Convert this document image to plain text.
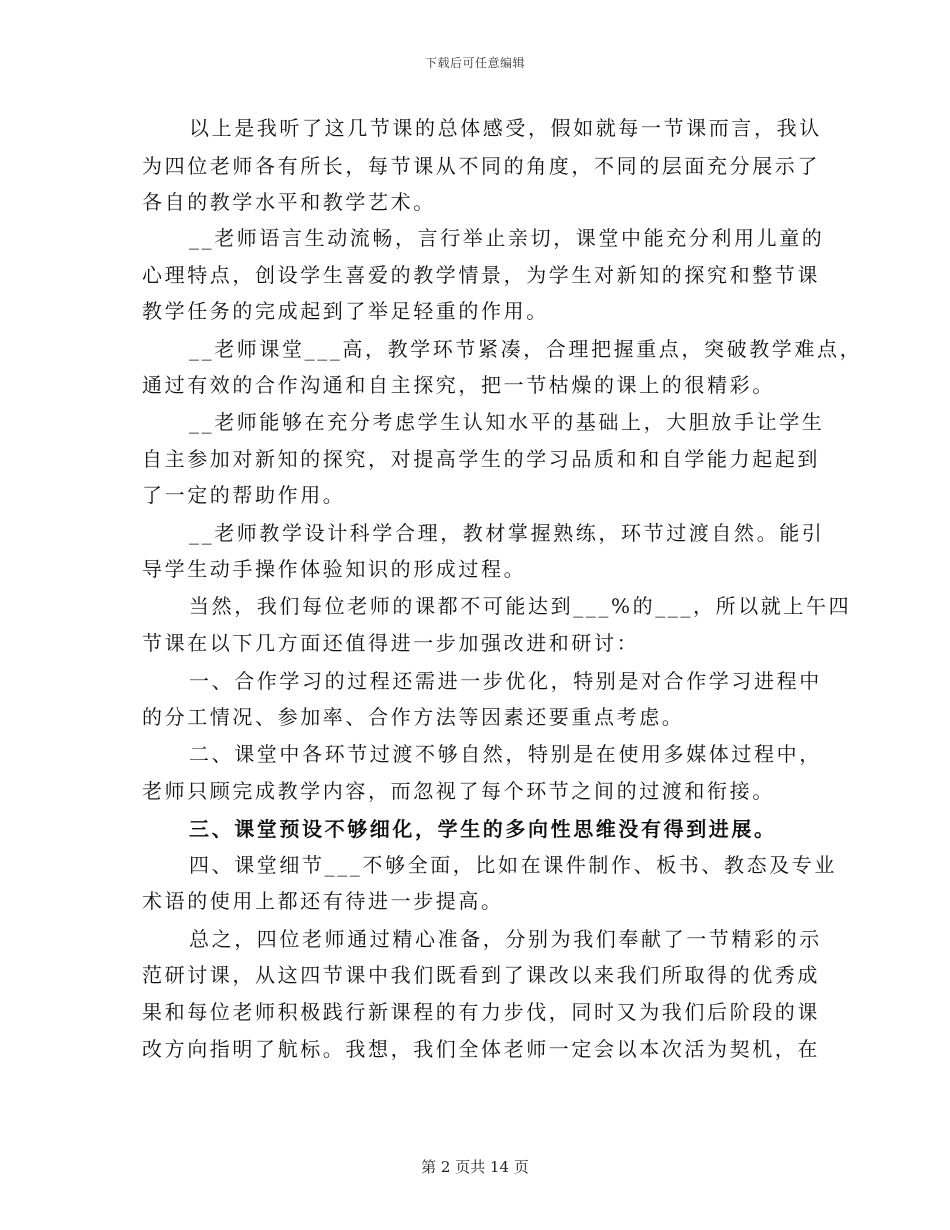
下载后可任意编辑
以上是我听了这几节课的总体感受，假如就每一节课而言，我认
为四位老师各有所长，每节课从不同的角度，不同的层面充分展示了
各自的教学水平和教学艺术。
__老师语言生动流畅，言行举止亲切，课堂中能充分利用儿童的
心理特点，创设学生喜爱的教学情景，为学生对新知的探究和整节课
教学任务的完成起到了举足轻重的作用。
__老师课堂___高，教学环节紧凑，合理把握重点，突破教学难点，
通过有效的合作沟通和自主探究，把一节枯燥的课上的很精彩。
__老师能够在充分考虑学生认知水平的基础上，大胆放手让学生
自主参加对新知的探究，对提高学生的学习品质和和自学能力起起到
了一定的帮助作用。
__老师教学设计科学合理，教材掌握熟练，环节过渡自然。能引
导学生动手操作体验知识的形成过程。
当然，我们每位老师的课都不可能达到___%的___，所以就上午四
节课在以下几方面还值得进一步加强改进和研讨：
一、合作学习的过程还需进一步优化，特别是对合作学习进程中
的分工情况、参加率、合作方法等因素还要重点考虑。
二、课堂中各环节过渡不够自然，特别是在使用多媒体过程中，
老师只顾完成教学内容，而忽视了每个环节之间的过渡和衔接。
三、课堂预设不够细化，学生的多向性思维没有得到进展。
四、课堂细节___不够全面，比如在课件制作、板书、教态及专业
术语的使用上都还有待进一步提高。
总之，四位老师通过精心准备，分别为我们奉献了一节精彩的示
范研讨课，从这四节课中我们既看到了课改以来我们所取得的优秀成
果和每位老师积极践行新课程的有力步伐，同时又为我们后阶段的课
改方向指明了航标。我想，我们全体老师一定会以本次活为契机，在
第 2 页共 14 页
